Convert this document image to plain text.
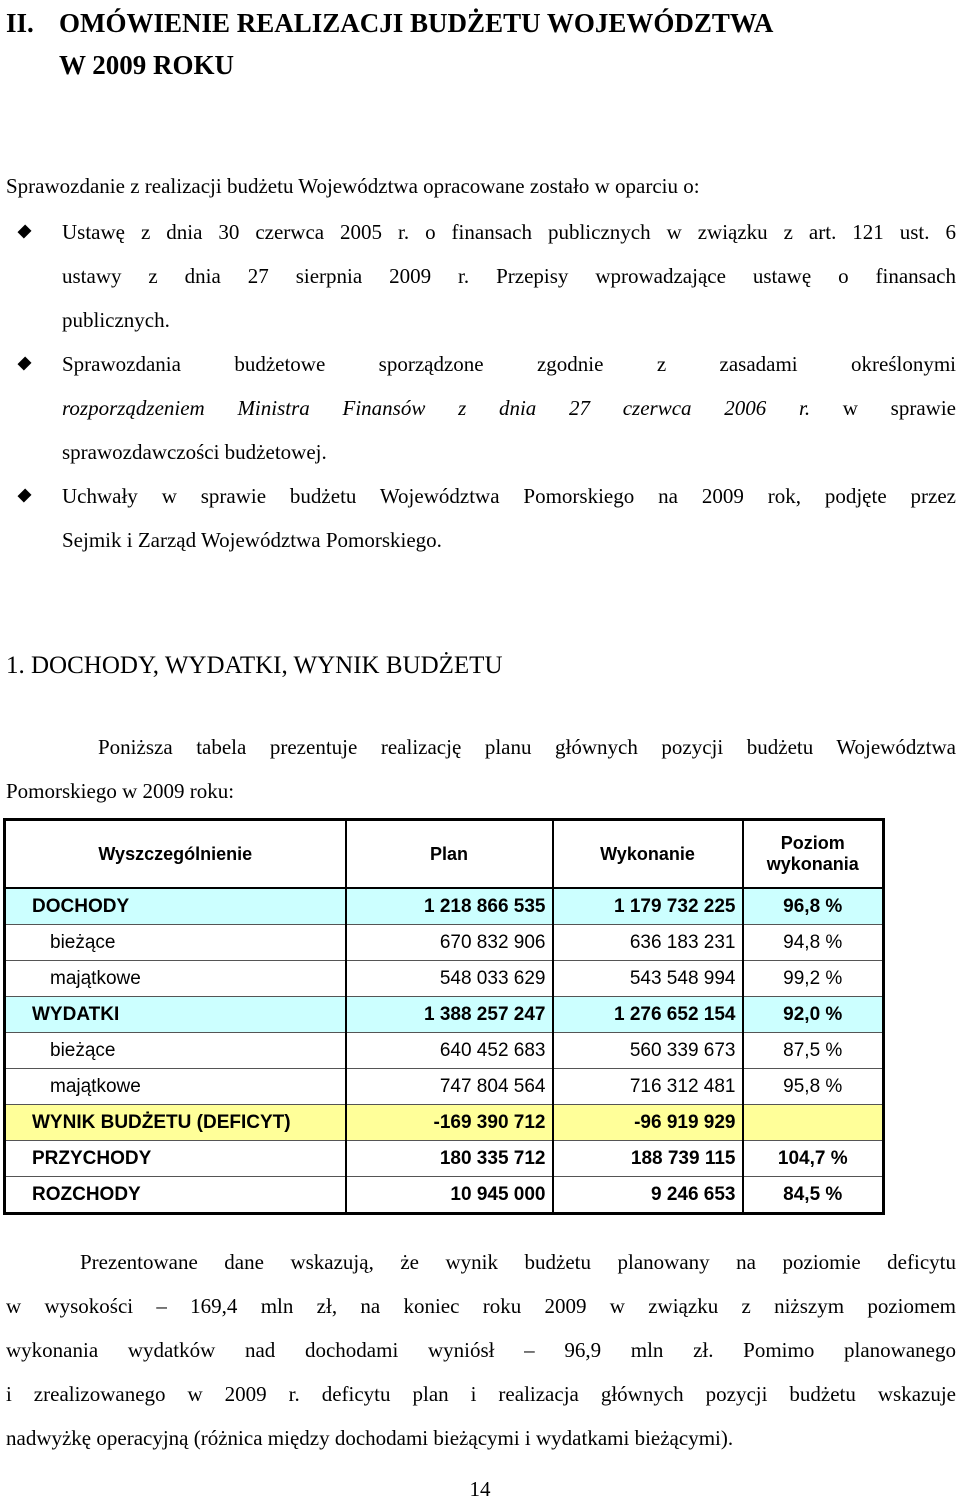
II. OMÓWIENIE REALIZACJI BUDŻETU WOJEWÓDZTWA
W 2009 ROKU
Sprawozdanie z realizacji budżetu Województwa opracowane zostało w oparciu o:
Ustawę z dnia 30 czerwca 2005 r. o finansach publicznych w związku z art. 121 ust. 6
ustawy z dnia 27 sierpnia 2009 r. Przepisy wprowadzające ustawę o finansach
publicznych.
Sprawozdania budżetowe sporządzone zgodnie z zasadami określonymi
rozporządzeniem Ministra Finansów z dnia 27 czerwca 2006 r. w sprawie
sprawozdawczości budżetowej.
Uchwały w sprawie budżetu Województwa Pomorskiego na 2009 rok, podjęte przez
Sejmik i Zarząd Województwa Pomorskiego.
1. DOCHODY, WYDATKI, WYNIK BUDŻETU
Poniższa tabela prezentuje realizację planu głównych pozycji budżetu Województwa
Pomorskiego w 2009 roku:
Wyszczególnienie	Plan	Wykonanie	Poziom
wykonania
DOCHODY	1 218 866 535	1 179 732 225	96,8 %
bieżące	670 832 906	636 183 231	94,8 %
majątkowe	548 033 629	543 548 994	99,2 %
WYDATKI	1 388 257 247	1 276 652 154	92,0 %
bieżące	640 452 683	560 339 673	87,5 %
majątkowe	747 804 564	716 312 481	95,8 %
WYNIK BUDŻETU (DEFICYT)	-169 390 712	-96 919 929	
PRZYCHODY	180 335 712	188 739 115	104,7 %
ROZCHODY	10 945 000	9 246 653	84,5 %
Prezentowane dane wskazują, że wynik budżetu planowany na poziomie deficytu
w wysokości – 169,4 mln zł, na koniec roku 2009 w związku z niższym poziomem
wykonania wydatków nad dochodami wyniósł – 96,9 mln zł. Pomimo planowanego
i zrealizowanego w 2009 r. deficytu plan i realizacja głównych pozycji budżetu wskazuje
nadwyżkę operacyjną (różnica między dochodami bieżącymi i wydatkami bieżącymi).
14
